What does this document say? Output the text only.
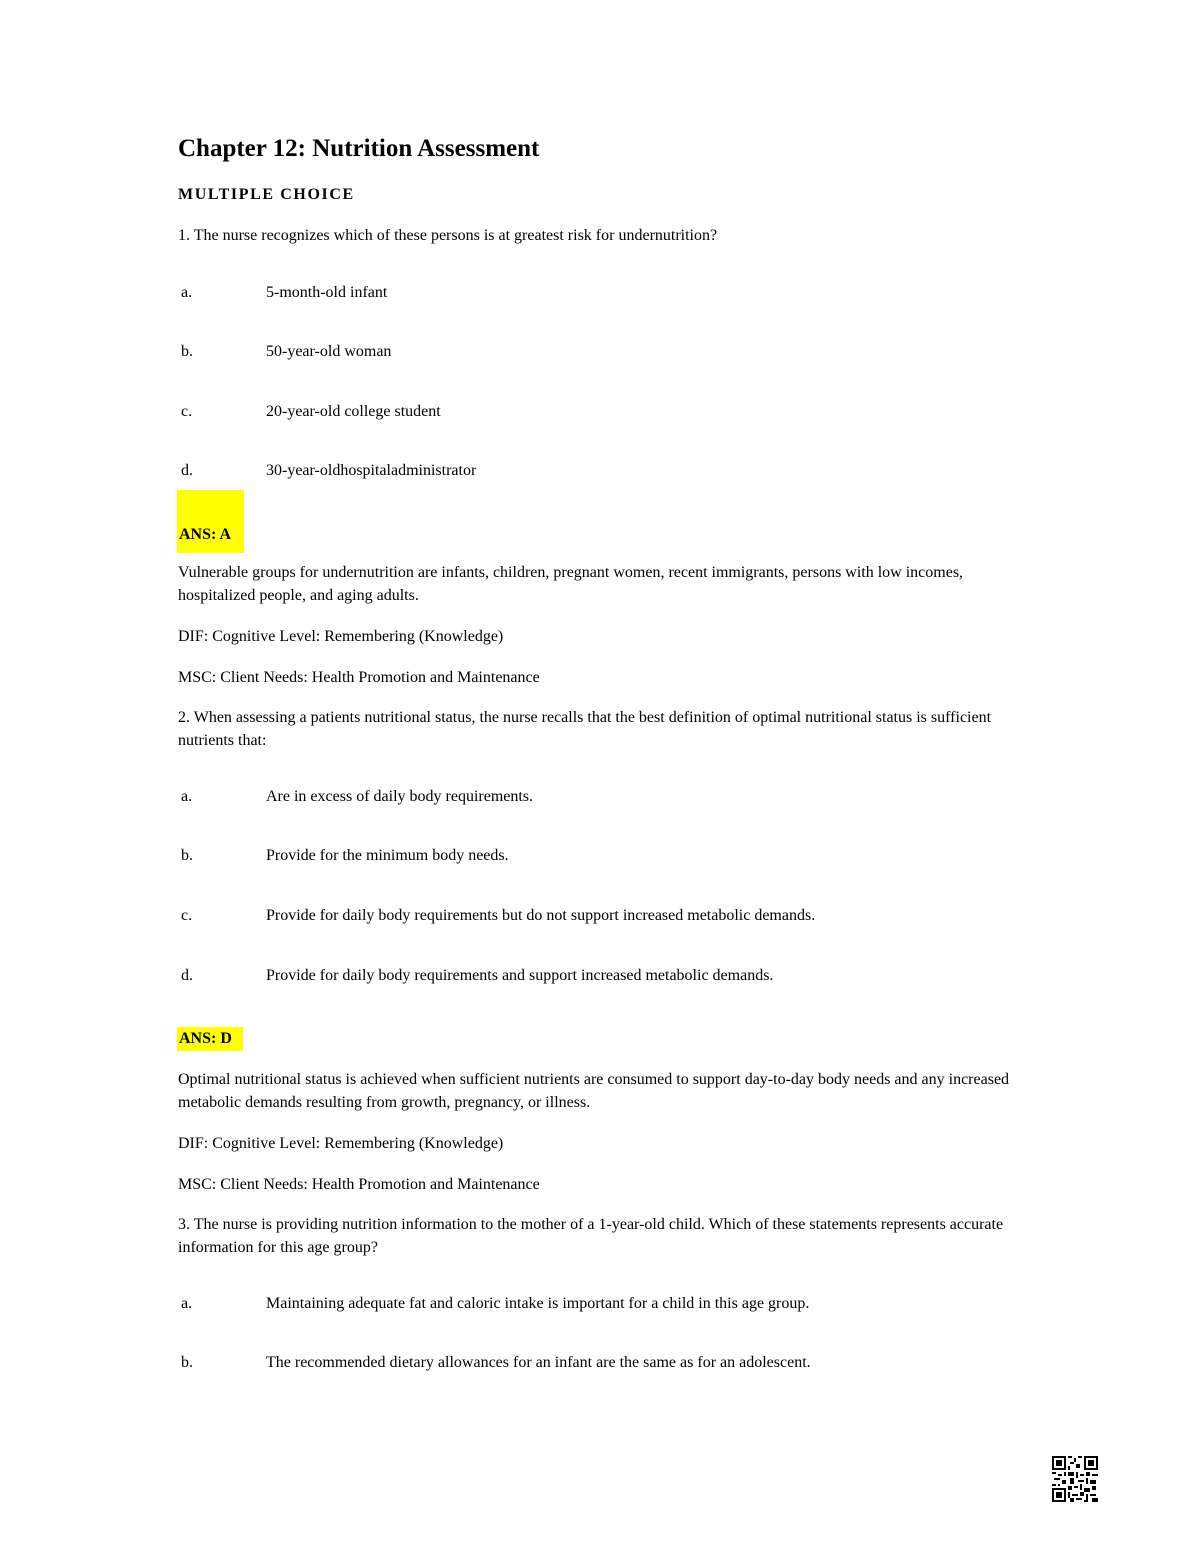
Chapter 12: Nutrition Assessment
MULTIPLE CHOICE
1. The nurse recognizes which of these persons is at greatest risk for undernutrition?
a.	5-month-old infant
b.	50-year-old woman
c.	20-year-old college student
d.	30-year-oldhospitaladministrator
ANS: A
Vulnerable groups for undernutrition are infants, children, pregnant women, recent immigrants, persons with low incomes, hospitalized people, and aging adults.
DIF: Cognitive Level: Remembering (Knowledge)
MSC: Client Needs: Health Promotion and Maintenance
2. When assessing a patients nutritional status, the nurse recalls that the best definition of optimal nutritional status is sufficient nutrients that:
a.	Are in excess of daily body requirements.
b.	Provide for the minimum body needs.
c.	Provide for daily body requirements but do not support increased metabolic demands.
d.	Provide for daily body requirements and support increased metabolic demands.
ANS: D
Optimal nutritional status is achieved when sufficient nutrients are consumed to support day-to-day body needs and any increased metabolic demands resulting from growth, pregnancy, or illness.
DIF: Cognitive Level: Remembering (Knowledge)
MSC: Client Needs: Health Promotion and Maintenance
3. The nurse is providing nutrition information to the mother of a 1-year-old child. Which of these statements represents accurate information for this age group?
a.	Maintaining adequate fat and caloric intake is important for a child in this age group.
b.	The recommended dietary allowances for an infant are the same as for an adolescent.
